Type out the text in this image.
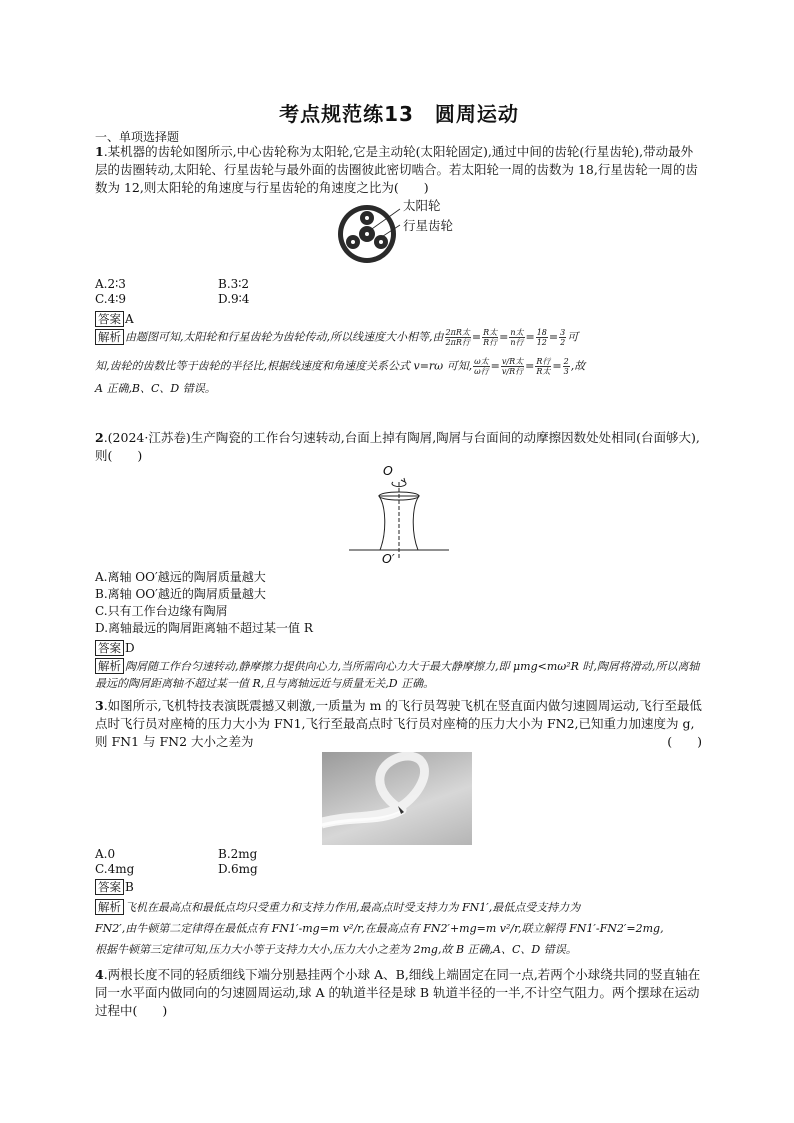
考点规范练13　圆周运动
一、单项选择题
1.某机器的齿轮如图所示,中心齿轮称为太阳轮,它是主动轮(太阳轮固定),通过中间的齿轮(行星齿轮),带动最外层的齿圈转动,太阳轮、行星齿轮与最外面的齿圈彼此密切啮合。若太阳轮一周的齿数为 18,行星齿轮一周的齿数为 12,则太阳轮的角速度与行星齿轮的角速度之比为(　　)
太阳轮
行星齿轮
A.2∶3	B.3∶2
C.4∶9	D.9∶4
答案 A
解析 由题图可知,太阳轮和行星齿轮为齿轮传动,所以线速度大小相等,由 $\frac{\text{2πR太}}{\text{2πR行}} = \frac{\text{R太}}{\text{R行}} = \frac{\text{n太}}{\text{n行}} = \frac{18}{12} = \frac{3}{2}$ 可
知,齿轮的齿数比等于齿轮的半径比,根据线速度和角速度关系公式 v=rω 可知, $\frac{\text{ω太}}{\text{ω行}} = \frac{\text{v/R太}}{\text{v/R行}} = \frac{\text{R行}}{\text{R太}} = \frac{2}{3}$ ,故
A 正确,B、C、D 错误。
2.(2024·江苏卷)生产陶瓷的工作台匀速转动,台面上掉有陶屑,陶屑与台面间的动摩擦因数处处相同(台面够大),则(　　)
O
O′
A.离轴 OO′越远的陶屑质量越大
B.离轴 OO′越近的陶屑质量越大
C.只有工作台边缘有陶屑
D.离轴最远的陶屑距离轴不超过某一值 R
答案 D
解析 陶屑随工作台匀速转动,静摩擦力提供向心力,当所需向心力大于最大静摩擦力,即 μmg<mω²R 时,陶屑将滑动,所以离轴最远的陶屑距离轴不超过某一值 R,且与离轴远近与质量无关,D 正确。
3.如图所示,飞机特技表演既震撼又刺激,一质量为 m 的飞行员驾驶飞机在竖直面内做匀速圆周运动,飞行至最低点时飞行员对座椅的压力大小为 FN1,飞行至最高点时飞行员对座椅的压力大小为 FN2,已知重力加速度为 g,则 FN1 与 FN2 大小之差为	(　　)
A.0	B.2mg
C.4mg	D.6mg
答案 B
解析 飞机在最高点和最低点均只受重力和支持力作用,最高点时受支持力为 FN1′,最低点受支持力为
FN2′,由牛顿第二定律得在最低点有 FN1′-mg=m v²/r,在最高点有 FN2′+mg=m v²/r,联立解得 FN1′-FN2′=2mg,
根据牛顿第三定律可知,压力大小等于支持力大小,压力大小之差为 2mg,故 B 正确,A、C、D 错误。
4.两根长度不同的轻质细线下端分别悬挂两个小球 A、B,细线上端固定在同一点,若两个小球绕共同的竖直轴在同一水平面内做同向的匀速圆周运动,球 A 的轨道半径是球 B 轨道半径的一半,不计空气阻力。两个摆球在运动过程中(　　)
